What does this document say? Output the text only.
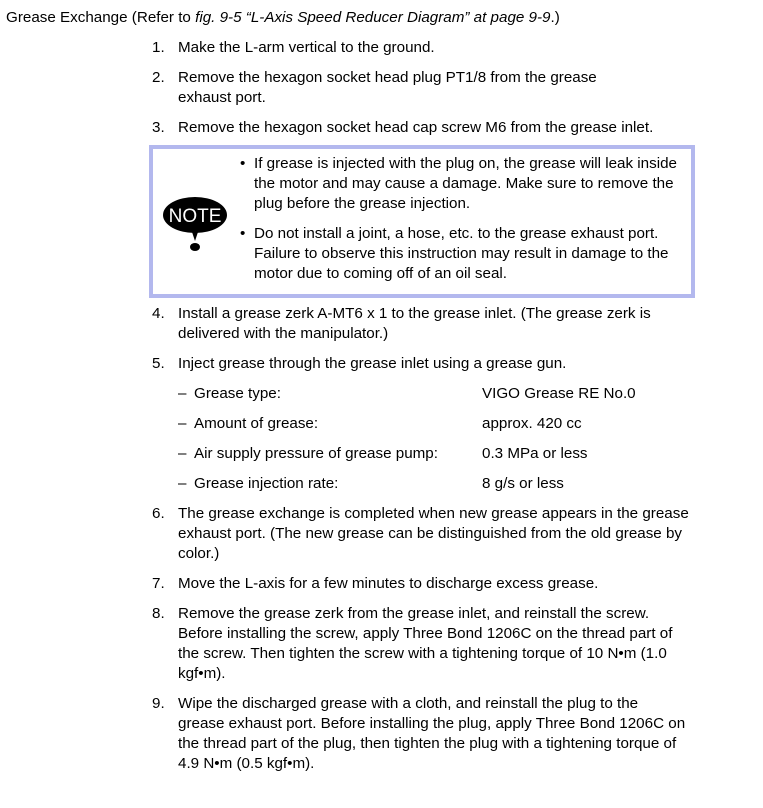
Grease Exchange (Refer to fig. 9-5 “L-Axis Speed Reducer Diagram” at page 9-9.)
1. Make the L-arm vertical to the ground.
2. Remove the hexagon socket head plug PT1/8 from the grease exhaust port.
3. Remove the hexagon socket head cap screw M6 from the grease inlet.
NOTE
• If grease is injected with the plug on, the grease will leak inside the motor and may cause a damage. Make sure to remove the plug before the grease injection.
• Do not install a joint, a hose, etc. to the grease exhaust port. Failure to observe this instruction may result in damage to the motor due to coming off of an oil seal.
4. Install a grease zerk A-MT6 x 1 to the grease inlet. (The grease zerk is delivered with the manipulator.)
5. Inject grease through the grease inlet using a grease gun.
– Grease type:	VIGO Grease RE No.0
– Amount of grease:	approx. 420 cc
– Air supply pressure of grease pump:	0.3 MPa or less
– Grease injection rate:	8 g/s or less
6. The grease exchange is completed when new grease appears in the grease exhaust port. (The new grease can be distinguished from the old grease by color.)
7. Move the L-axis for a few minutes to discharge excess grease.
8. Remove the grease zerk from the grease inlet, and reinstall the screw. Before installing the screw, apply Three Bond 1206C on the thread part of the screw. Then tighten the screw with a tightening torque of 10 N•m (1.0 kgf•m).
9. Wipe the discharged grease with a cloth, and reinstall the plug to the grease exhaust port. Before installing the plug, apply Three Bond 1206C on the thread part of the plug, then tighten the plug with a tightening torque of 4.9 N•m (0.5 kgf•m).
